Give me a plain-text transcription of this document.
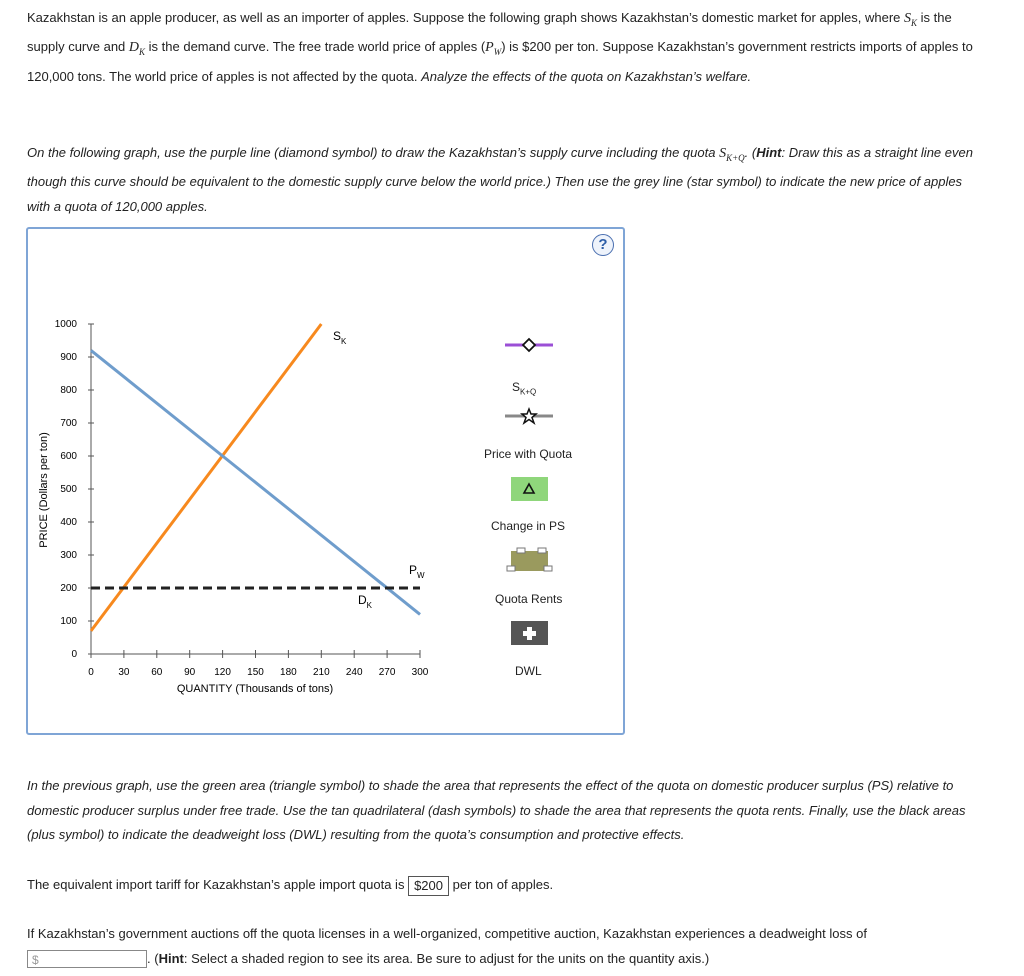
Kazakhstan is an apple producer, as well as an importer of apples. Suppose the following graph shows Kazakhstan’s domestic market for apples, where $S_K$ is the supply curve and $D_K$ is the demand curve. The free trade world price of apples $(P_W)$ is $200 per ton. Suppose Kazakhstan’s government restricts imports of apples to 120,000 tons. The world price of apples is not affected by the quota. Analyze the effects of the quota on Kazakhstan’s welfare.

On the following graph, use the purple line (diamond symbol) to draw the Kazakhstan’s supply curve including the quota $S_{K+Q}$. (Hint: Draw this as a straight line even though this curve should be equivalent to the domestic supply curve below the world price.) Then use the grey line (star symbol) to indicate the new price of apples with a quota of 120,000 apples.

?
0
100
200
300
400
500
600
700
800
900
1000
0 30 60 90 120 150 180 210 240 270 300
$S_K$
$D_K$
$P_W$
PRICE (Dollars per ton)
QUANTITY (Thousands of tons)
$S_{K+Q}$
Price with Quota
Change in PS
Quota Rents
DWL

In the previous graph, use the green area (triangle symbol) to shade the area that represents the effect of the quota on domestic producer surplus (PS) relative to domestic producer surplus under free trade. Use the tan quadrilateral (dash symbols) to shade the area that represents the quota rents. Finally, use the black areas (plus symbol) to indicate the deadweight loss (DWL) resulting from the quota’s consumption and protective effects.

The equivalent import tariff for Kazakhstan’s apple import quota is $200 per ton of apples.

If Kazakhstan’s government auctions off the quota licenses in a well-organized, competitive auction, Kazakhstan experiences a deadweight loss of
$	. (Hint: Select a shaded region to see its area. Be sure to adjust for the units on the quantity axis.)
